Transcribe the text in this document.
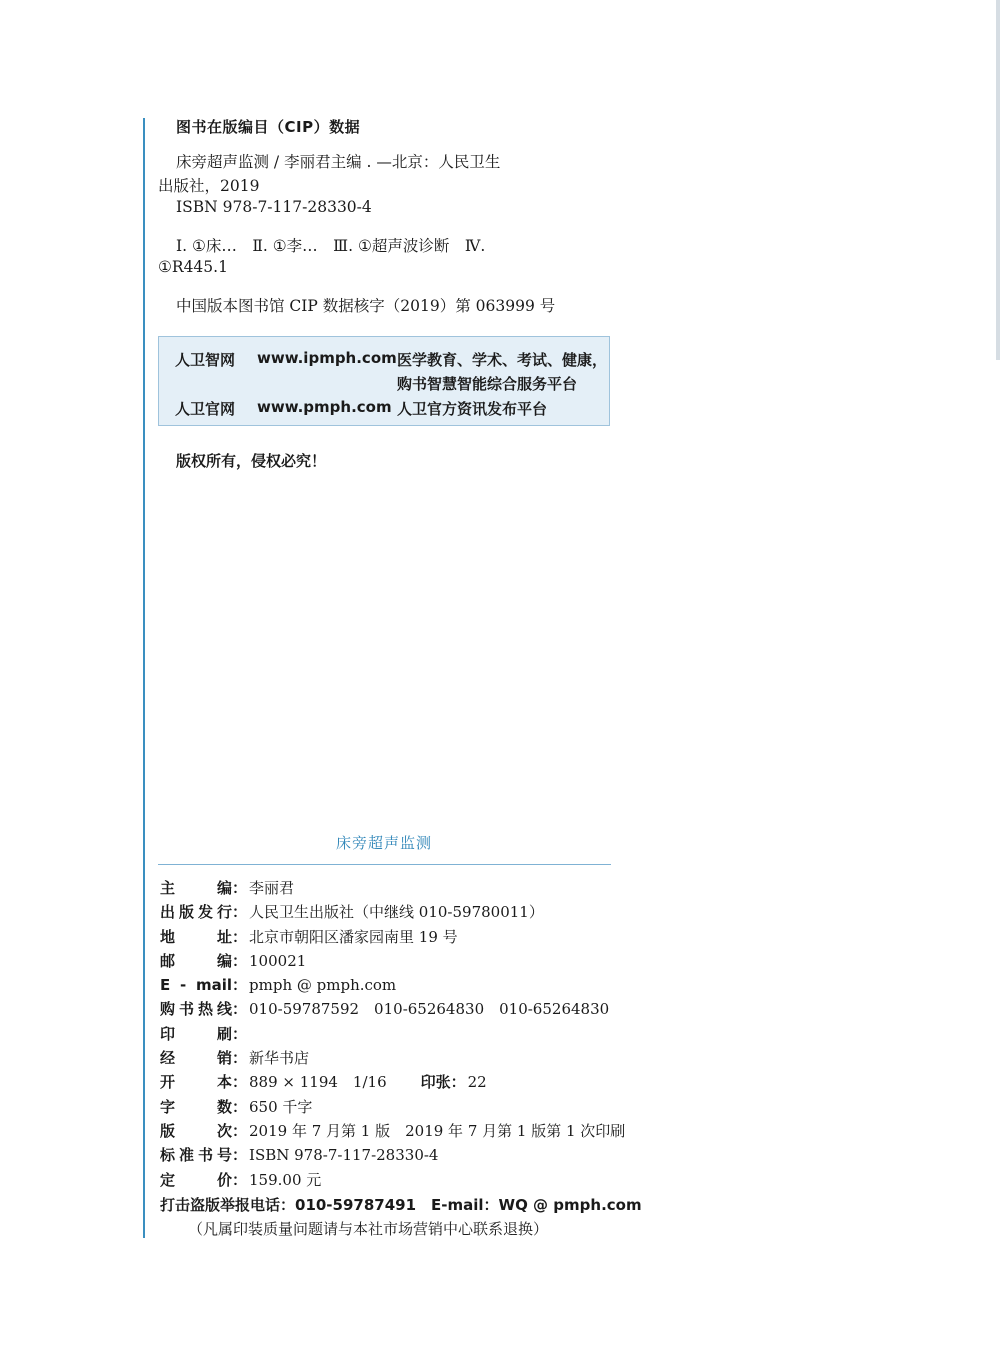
图书在版编目（CIP）数据
床旁超声监测 / 李丽君主编 . —北京：人民卫生
出版社，2019
ISBN 978-7-117-28330-4
Ⅰ. ①床…　Ⅱ. ①李…　Ⅲ. ①超声波诊断　Ⅳ.
①R445.1
中国版本图书馆 CIP 数据核字（2019）第 063999 号
人卫智网 www.ipmph.com 医学教育、学术、考试、健康，
购书智慧智能综合服务平台
人卫官网 www.pmph.com 人卫官方资讯发布平台
版权所有，侵权必究！
床旁超声监测
主编： 李丽君
出版发行： 人民卫生出版社（中继线 010-59780011）
地址： 北京市朝阳区潘家园南里 19 号
邮编： 100021
E - mail： pmph @ pmph.com
购书热线： 010-59787592　010-65264830　010-65264830
印刷：
经销： 新华书店
开本： 889 × 1194　1/16 印张： 22
字数： 650 千字
版次： 2019 年 7 月第 1 版　2019 年 7 月第 1 版第 1 次印刷
标准书号： ISBN 978-7-117-28330-4
定价： 159.00 元
打击盗版举报电话：010-59787491　E-mail：WQ @ pmph.com
（凡属印装质量问题请与本社市场营销中心联系退换）
